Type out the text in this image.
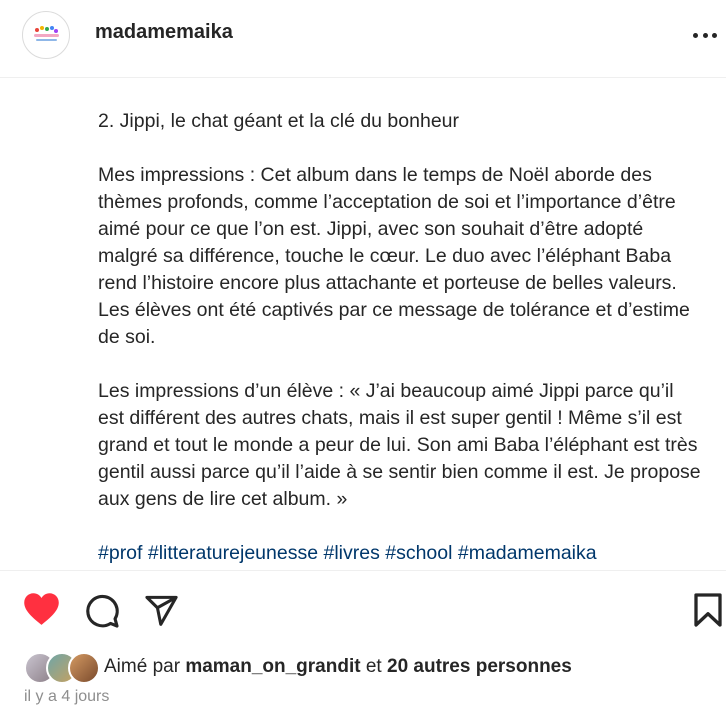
madamemaika

2. Jippi, le chat géant et la clé du bonheur

Mes impressions : Cet album dans le temps de Noël aborde des thèmes profonds, comme l’acceptation de soi et l’importance d’être aimé pour ce que l’on est. Jippi, avec son souhait d’être adopté malgré sa différence, touche le cœur. Le duo avec l’éléphant Baba rend l’histoire encore plus attachante et porteuse de belles valeurs. Les élèves ont été captivés par ce message de tolérance et d’estime de soi.

Les impressions d’un élève : « J’ai beaucoup aimé Jippi parce qu’il est différent des autres chats, mais il est super gentil ! Même s’il est grand et tout le monde a peur de lui. Son ami Baba l’éléphant est très gentil aussi parce qu’il l’aide à se sentir bien comme il est. Je propose aux gens de lire cet album. »

#prof #litteraturejeunesse #livres #school #madamemaika

Aimé par maman_on_grandit et 20 autres personnes
il y a 4 jours
